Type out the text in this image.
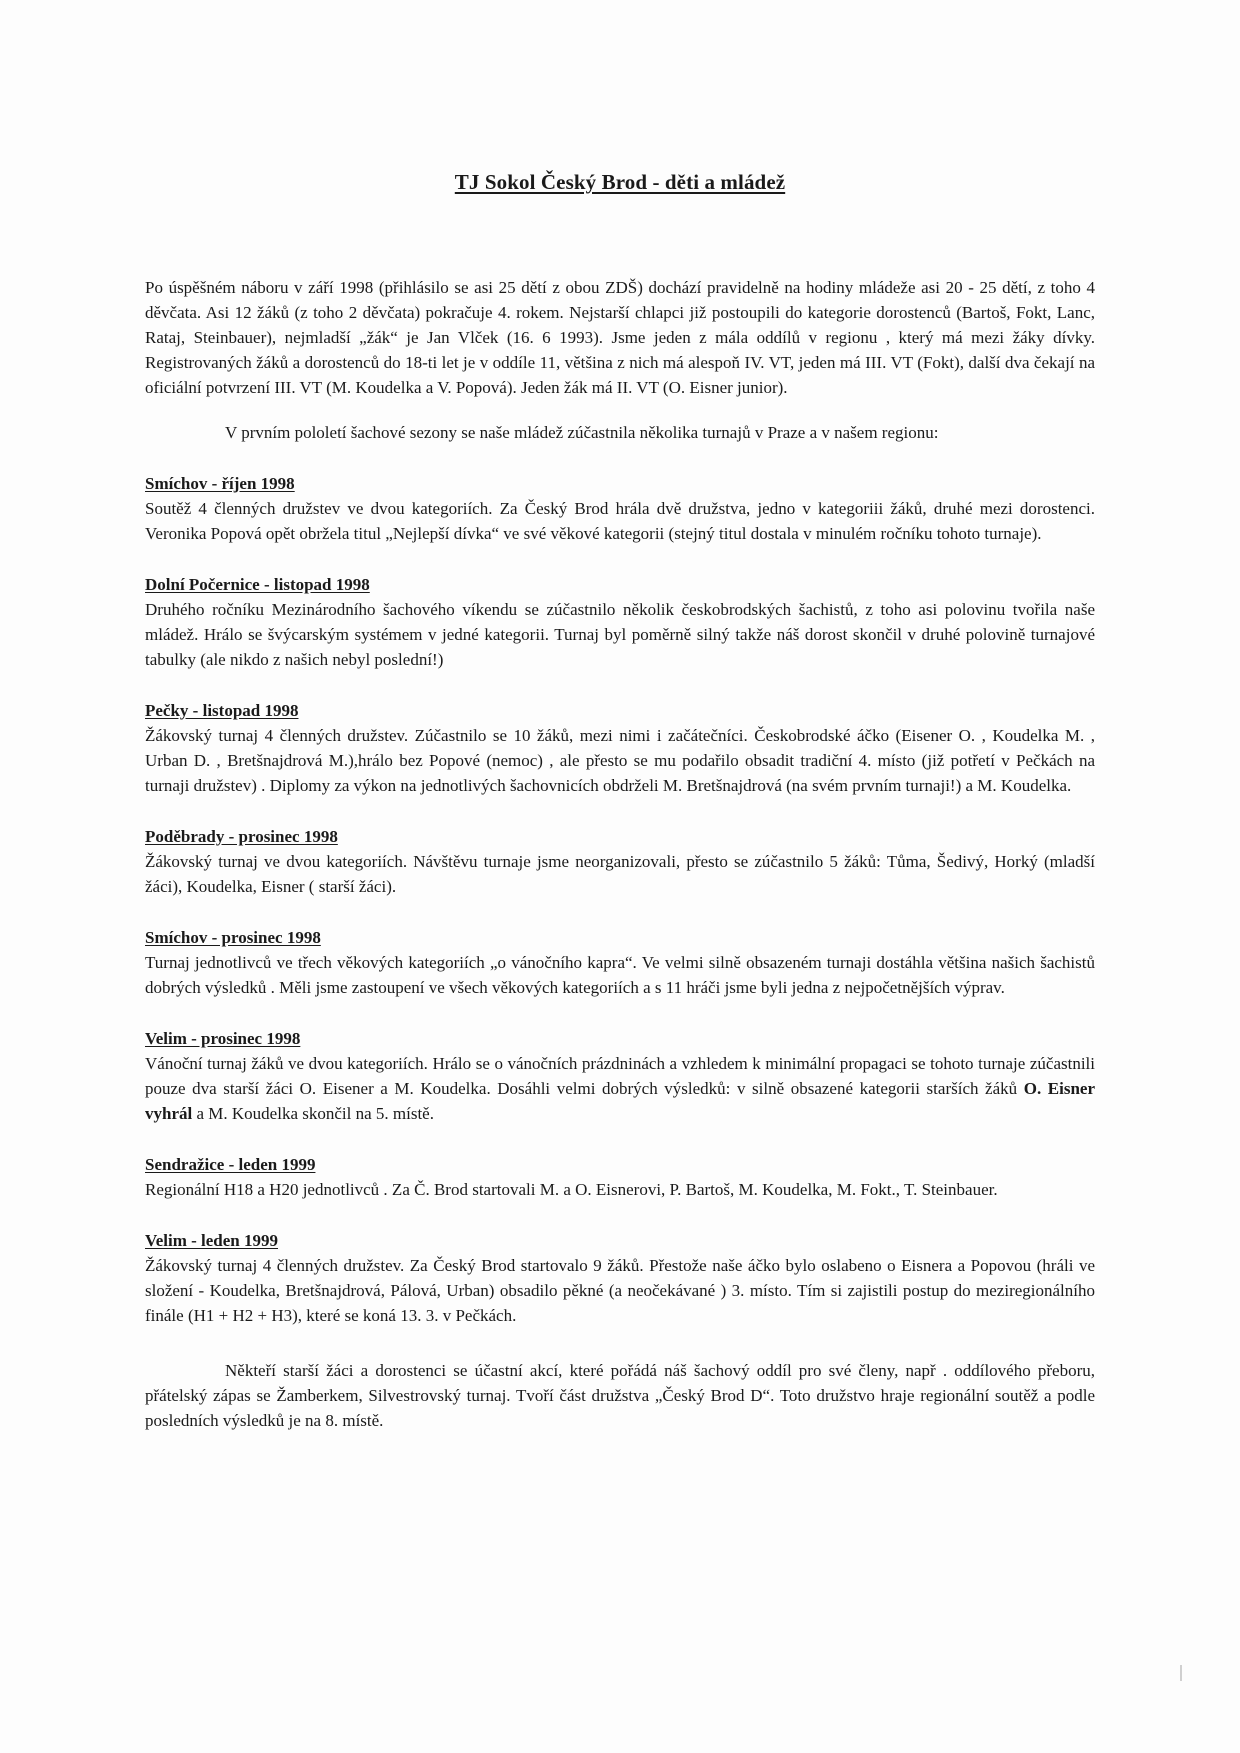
TJ Sokol Český Brod - děti a mládež

Po úspěšném náboru v září 1998 (přihlásilo se asi 25 dětí z obou ZDŠ) dochází pravidelně na hodiny mládeže asi 20 - 25 dětí, z toho 4 děvčata. Asi 12 žáků (z toho 2 děvčata) pokračuje 4. rokem. Nejstarší chlapci již postoupili do kategorie dorostenců (Bartoš, Fokt, Lanc, Rataj, Steinbauer), nejmladší „žák“ je Jan Vlček (16. 6 1993). Jsme jeden z mála oddílů v regionu , který má mezi žáky dívky. Registrovaných žáků a dorostenců do 18-ti let je v oddíle 11, většina z nich má alespoň IV. VT, jeden má III. VT (Fokt), další dva čekají na oficiální potvrzení III. VT (M. Koudelka a V. Popová). Jeden žák má II. VT (O. Eisner junior).

V prvním pololetí šachové sezony se naše mládež zúčastnila několika turnajů v Praze a v našem regionu:

Smíchov - říjen 1998

Soutěž 4 členných družstev ve dvou kategoriích. Za Český Brod hrála dvě družstva, jedno v kategoriii žáků, druhé mezi dorostenci. Veronika Popová opět obržela titul „Nejlepší dívka“ ve své věkové kategorii (stejný titul dostala v minulém ročníku tohoto turnaje).

Dolní Počernice - listopad 1998

Druhého ročníku Mezinárodního šachového víkendu se zúčastnilo několik českobrodských šachistů, z toho asi polovinu tvořila naše mládež. Hrálo se švýcarským systémem v jedné kategorii. Turnaj byl poměrně silný takže náš dorost skončil v druhé polovině turnajové tabulky (ale nikdo z našich nebyl poslední!)

Pečky - listopad 1998

Žákovský turnaj 4 členných družstev. Zúčastnilo se 10 žáků, mezi nimi i začátečníci. Českobrodské áčko (Eisener O. , Koudelka M. , Urban D. , Bretšnajdrová M.),hrálo bez Popové (nemoc) , ale přesto se mu podařilo obsadit tradiční 4. místo (již potřetí v Pečkách na turnaji družstev) . Diplomy za výkon na jednotlivých šachovnicích obdrželi M. Bretšnajdrová (na svém prvním turnaji!) a M. Koudelka.

Poděbrady - prosinec 1998

Žákovský turnaj ve dvou kategoriích. Návštěvu turnaje jsme neorganizovali, přesto se zúčastnilo 5 žáků: Tůma, Šedivý, Horký (mladší žáci), Koudelka, Eisner ( starší žáci).

Smíchov - prosinec 1998

Turnaj jednotlivců ve třech věkových kategoriích „o vánočního kapra“. Ve velmi silně obsazeném turnaji dostáhla většina našich šachistů dobrých výsledků . Měli jsme zastoupení ve všech věkových kategoriích a s 11 hráči jsme byli jedna z nejpočetnějších výprav.

Velim - prosinec 1998

Vánoční turnaj žáků ve dvou kategoriích. Hrálo se o vánočních prázdninách a vzhledem k minimální propagaci se tohoto turnaje zúčastnili pouze dva starší žáci O. Eisener a M. Koudelka. Dosáhli velmi dobrých výsledků: v silně obsazené kategorii starších žáků O. Eisner vyhrál a M. Koudelka skončil na 5. místě.

Sendražice - leden 1999

Regionální H18 a H20 jednotlivců . Za Č. Brod startovali M. a O. Eisnerovi, P. Bartoš, M. Koudelka, M. Fokt., T. Steinbauer.

Velim - leden 1999

Žákovský turnaj 4 členných družstev. Za Český Brod startovalo 9 žáků. Přestože naše áčko bylo oslabeno o Eisnera a Popovou (hráli ve složení - Koudelka, Bretšnajdrová, Pálová, Urban) obsadilo pěkné (a neočekávané ) 3. místo. Tím si zajistili postup do meziregionálního finále (H1 + H2 + H3), které se koná 13. 3. v Pečkách.

Někteří starší žáci a dorostenci se účastní akcí, které pořádá náš šachový oddíl pro své členy, např . oddílového přeboru, přátelský zápas se Žamberkem, Silvestrovský turnaj. Tvoří část družstva „Český Brod D“. Toto družstvo hraje regionální soutěž a podle posledních výsledků je na 8. místě.
